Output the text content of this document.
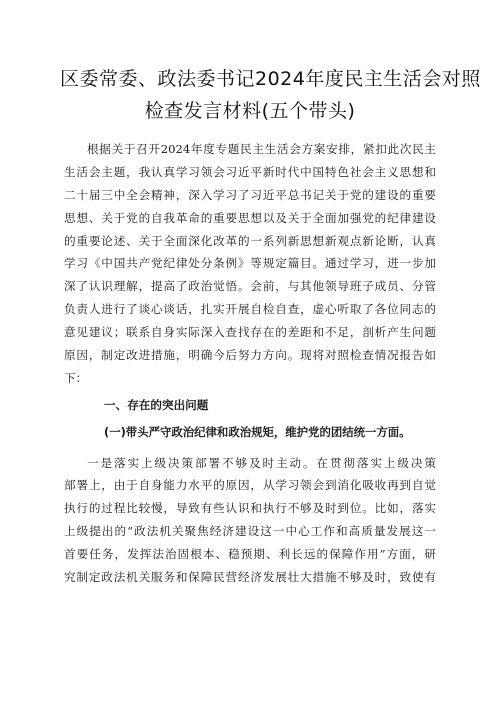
区委常委、政法委书记2024年度民主生活会对照
检查发言材料(五个带头)
根据关于召开2024年度专题民主生活会方案安排，紧扣此次民主
生活会主题，我认真学习领会习近平新时代中国特色社会主义思想和
二十届三中全会精神，深入学习了习近平总书记关于党的建设的重要
思想、关于党的自我革命的重要思想以及关于全面加强党的纪律建设
的重要论述、关于全面深化改革的一系列新思想新观点新论断，认真
学习《中国共产党纪律处分条例》等规定篇目。通过学习，进一步加
深了认识理解，提高了政治觉悟。会前，与其他领导班子成员、分管
负责人进行了谈心谈话，扎实开展自检自查，虚心听取了各位同志的
意见建议；联系自身实际深入查找存在的差距和不足，剖析产生问题
原因，制定改进措施，明确今后努力方向。现将对照检查情况报告如
下：
一、存在的突出问题
(一)带头严守政治纪律和政治规矩，维护党的团结统一方面。
一是落实上级决策部署不够及时主动。在贯彻落实上级决策
部署上，由于自身能力水平的原因，从学习领会到消化吸收再到自觉
执行的过程比较慢，导致有些认识和执行不够及时到位。比如，落实
上级提出的“政法机关聚焦经济建设这一中心工作和高质量发展这一
首要任务，发挥法治固根本、稳预期、利长远的保障作用”方面，研
究制定政法机关服务和保障民营经济发展壮大措施不够及时，致使有
